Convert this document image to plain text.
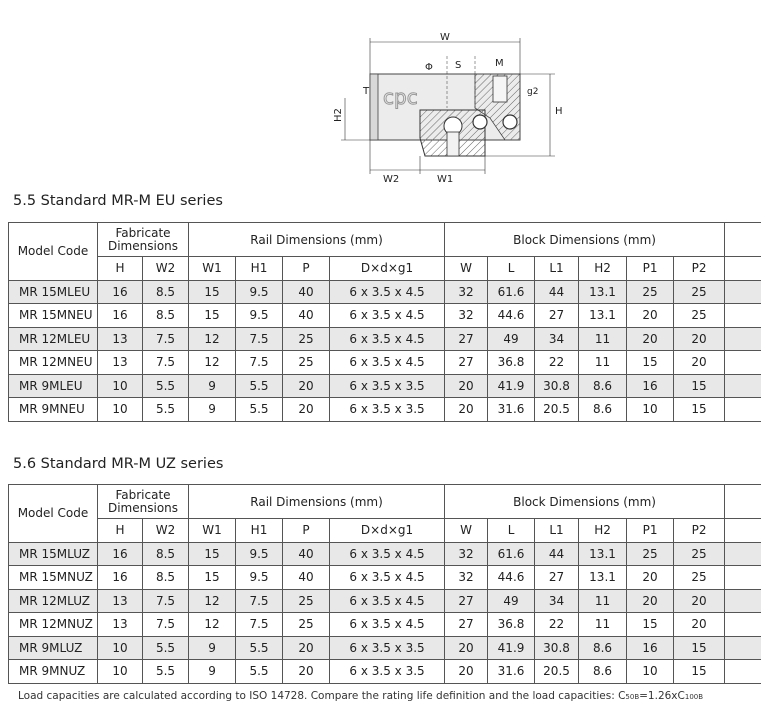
cpc
W
W2	W1
H2
T
H
g2
Φ S	M
5.5 Standard MR-M EU series
Model Code	Fabricate
Dimensions		Rail Dimensions (mm)				Block Dimensions (mm)						
	H	W2	W1	H1	P	D×d×g1	W	L	L1	H2	P1	P2	
MR 15MLEU	16	8.5	15	9.5	40	6 x 3.5 x 4.5	32	61.6	44	13.1	25	25	
MR 15MNEU	16	8.5	15	9.5	40	6 x 3.5 x 4.5	32	44.6	27	13.1	20	25	
MR 12MLEU	13	7.5	12	7.5	25	6 x 3.5 x 4.5	27	49	34	11	20	20	
MR 12MNEU	13	7.5	12	7.5	25	6 x 3.5 x 4.5	27	36.8	22	11	15	20	
MR 9MLEU	10	5.5	9	5.5	20	6 x 3.5 x 3.5	20	41.9	30.8	8.6	16	15	
MR 9MNEU	10	5.5	9	5.5	20	6 x 3.5 x 3.5	20	31.6	20.5	8.6	10	15	
5.6 Standard MR-M UZ series
Model Code	Fabricate
Dimensions		Rail Dimensions (mm)				Block Dimensions (mm)						
	H	W2	W1	H1	P	D×d×g1	W	L	L1	H2	P1	P2	
MR 15MLUZ	16	8.5	15	9.5	40	6 x 3.5 x 4.5	32	61.6	44	13.1	25	25	
MR 15MNUZ	16	8.5	15	9.5	40	6 x 3.5 x 4.5	32	44.6	27	13.1	20	25	
MR 12MLUZ	13	7.5	12	7.5	25	6 x 3.5 x 4.5	27	49	34	11	20	20	
MR 12MNUZ	13	7.5	12	7.5	25	6 x 3.5 x 4.5	27	36.8	22	11	15	20	
MR 9MLUZ	10	5.5	9	5.5	20	6 x 3.5 x 3.5	20	41.9	30.8	8.6	16	15	
MR 9MNUZ	10	5.5	9	5.5	20	6 x 3.5 x 3.5	20	31.6	20.5	8.6	10	15	
Load capacities are calculated according to ISO 14728. Compare the rating life definition and the load capacities: C50B=1.26xC100B
